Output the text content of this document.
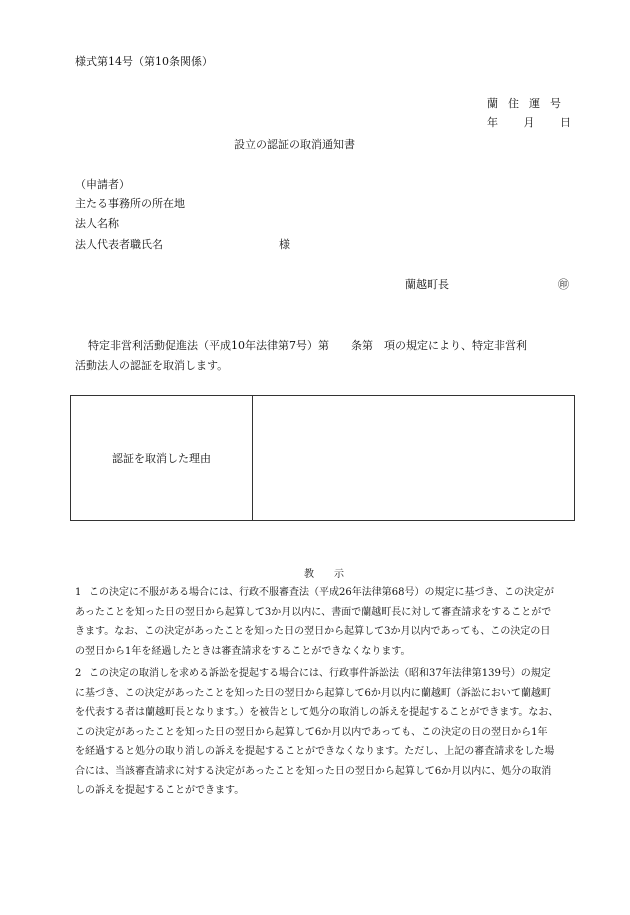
様式第14号（第10条関係）
蘭住運号
年 月 日
設立の認証の取消通知書
（申請者）
主たる事務所の所在地
法人名称
法人代表者職氏名	様
蘭越町長	㊞
特定非営利活動促進法（平成10年法律第7号）第　　条第　項の規定により、特定非営利
活動法人の認証を取消します。
認証を取消した理由
教　　示
1 この決定に不服がある場合には、行政不服審査法（平成26年法律第68号）の規定に基づき、この決定が
あったことを知った日の翌日から起算して3か月以内に、書面で蘭越町長に対して審査請求をすることがで
きます。なお、この決定があったことを知った日の翌日から起算して3か月以内であっても、この決定の日
の翌日から1年を経過したときは審査請求をすることができなくなります。
2 この決定の取消しを求める訴訟を提起する場合には、行政事件訴訟法（昭和37年法律第139号）の規定
に基づき、この決定があったことを知った日の翌日から起算して6か月以内に蘭越町（訴訟において蘭越町
を代表する者は蘭越町長となります。）を被告として処分の取消しの訴えを提起することができます。なお、
この決定があったことを知った日の翌日から起算して6か月以内であっても、この決定の日の翌日から1年
を経過すると処分の取り消しの訴えを提起することができなくなります。ただし、上記の審査請求をした場
合には、当該審査請求に対する決定があったことを知った日の翌日から起算して6か月以内に、処分の取消
しの訴えを提起することができます。
